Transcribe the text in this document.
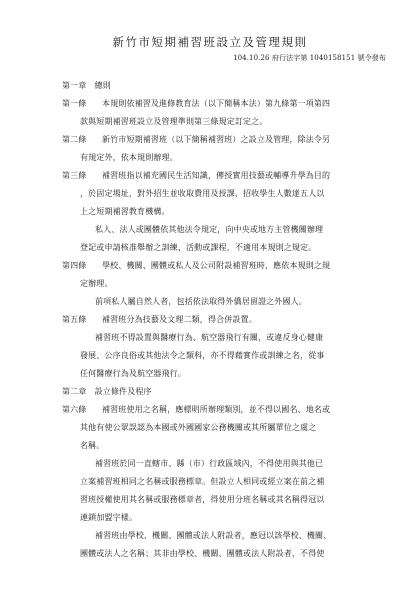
新竹市短期補習班設立及管理規則
104.10.26 府行法字第 1040158151 號令發布
第一章　總則
第一條 本規則依補習及進修教育法（以下簡稱本法）第九條第一項第四
款與短期補習班設立及管理準則第三條規定訂定之。
第二條 新竹市短期補習班（以下簡稱補習班）之設立及管理，除法令另
有規定外，依本規則辦理。
第三條 補習班指以補充國民生活知識，傳授實用技藝或輔導升學為目的
，於固定場址，對外招生並收取費用及授課，招收學生人數達五人以
上之短期補習教育機構。
私人、法人或團體依其他法令規定，向中央或地方主管機關辦理
登記或申請核准舉辦之訓練、活動或課程，不適用本規則之規定。
第四條 學校、機關、團體或私人及公司附設補習班時，應依本規則之規
定辦理。
前項私人屬自然人者，包括依法取得外僑居留證之外國人。
第五條 補習班分為技藝及文理二類，得合併設置。
補習班不得設置與醫療行為、航空器飛行有關，或違反身心健康
發展、公序良俗或其他法令之類科，亦不得藉實作或訓練之名，從事
任何醫療行為及航空器飛行。
第二章　設立條件及程序
第六條 補習班使用之名稱，應標明所辦理類別，並不得以國名、地名或
其他有使公眾誤認為本國或外國國家公務機關或其所屬單位之虞之
名稱。
補習班於同一直轄市、縣（市）行政區域內，不得使用與其他已
立案補習班相同之名稱或服務標章。但設立人相同或經立案在前之補
習班授權使用其名稱或服務標章者，得使用分班名稱或其名稱得冠以
連鎖加盟字樣。
補習班由學校、機關、團體或法人附設者，應冠以該學校、機關、
團體或法人之名稱；其非由學校、機關、團體或法人附設者，不得使
